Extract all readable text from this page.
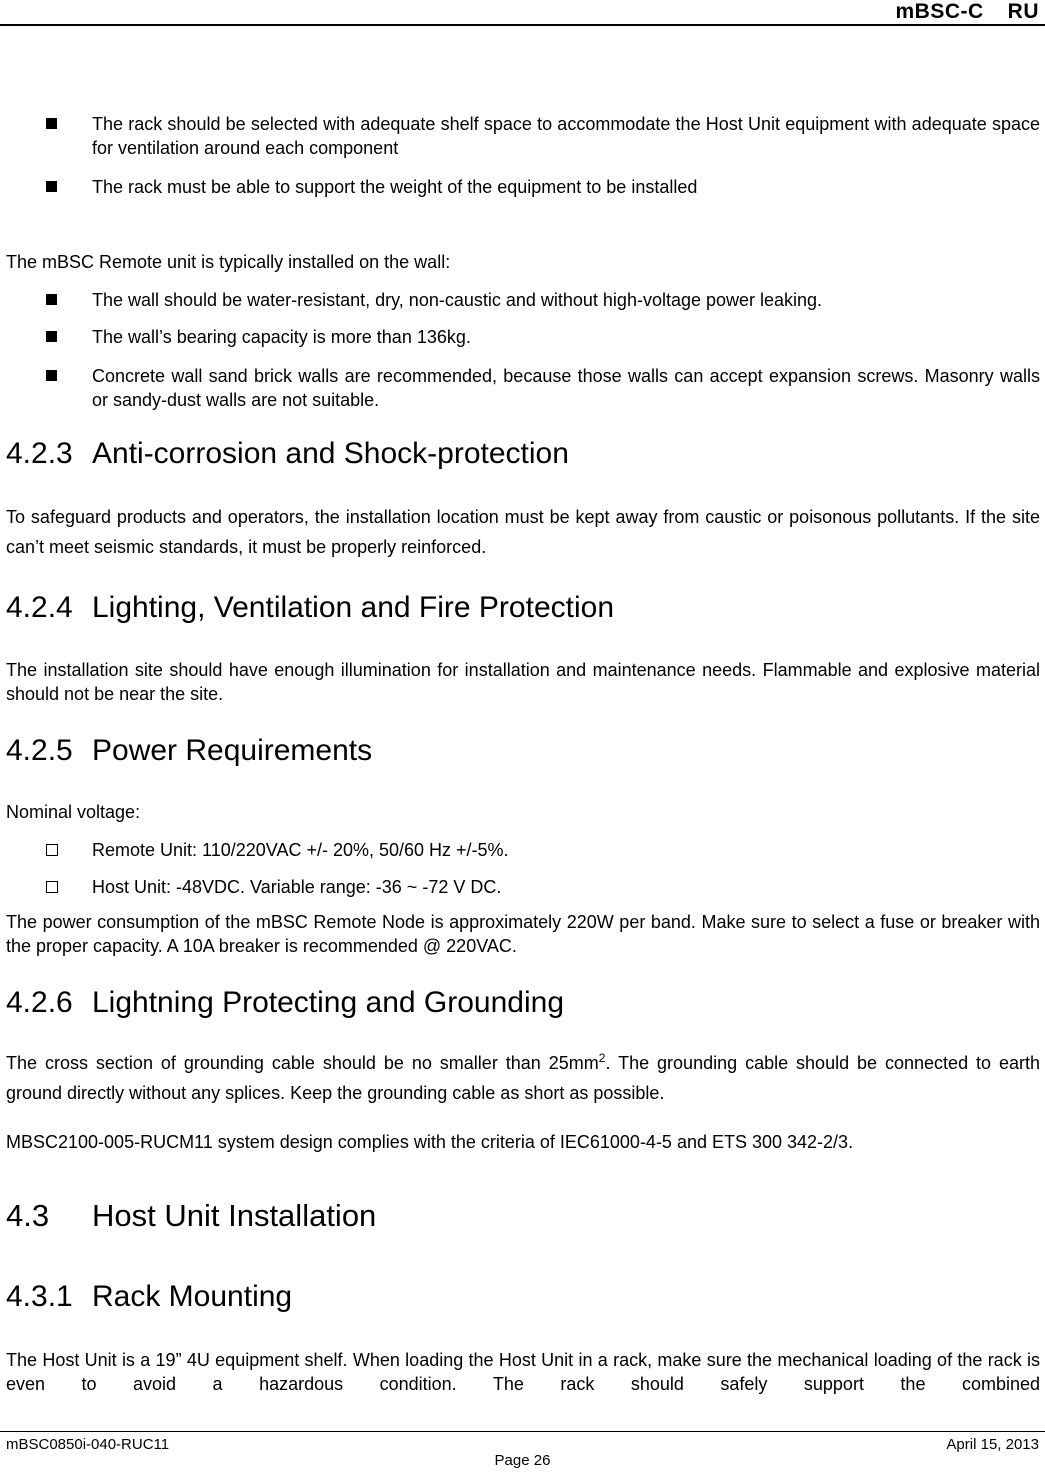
mBSC-C RU
The rack should be selected with adequate shelf space to accommodate the Host Unit equipment with adequate space for ventilation around each component
The rack must be able to support the weight of the equipment to be installed
The mBSC Remote unit is typically installed on the wall:
The wall should be water-resistant, dry, non-caustic and without high-voltage power leaking.
The wall’s bearing capacity is more than 136kg.
Concrete wall sand brick walls are recommended, because those walls can accept expansion screws. Masonry walls or sandy-dust walls are not suitable.
4.2.3 Anti-corrosion and Shock-protection
To safeguard products and operators, the installation location must be kept away from caustic or poisonous pollutants. If the site can’t meet seismic standards, it must be properly reinforced.
4.2.4 Lighting, Ventilation and Fire Protection
The installation site should have enough illumination for installation and maintenance needs. Flammable and explosive material should not be near the site.
4.2.5 Power Requirements
Nominal voltage:
Remote Unit: 110/220VAC +/- 20%, 50/60 Hz +/-5%.
Host Unit: -48VDC. Variable range: -36 ~ -72 V DC.
The power consumption of the mBSC Remote Node is approximately 220W per band. Make sure to select a fuse or breaker with the proper capacity. A 10A breaker is recommended @ 220VAC.
4.2.6 Lightning Protecting and Grounding
The cross section of grounding cable should be no smaller than $25mm^2$. The grounding cable should be connected to earth ground directly without any splices. Keep the grounding cable as short as possible.
MBSC2100-005-RUCM11 system design complies with the criteria of IEC61000-4-5 and ETS 300 342-2/3.
4.3 Host Unit Installation
4.3.1 Rack Mounting
The Host Unit is a 19” 4U equipment shelf. When loading the Host Unit in a rack, make sure the mechanical loading of the rack is even to avoid a hazardous condition. The rack should safely support the combined
mBSC0850i-040-RUC11	April 15, 2013
Page 26
